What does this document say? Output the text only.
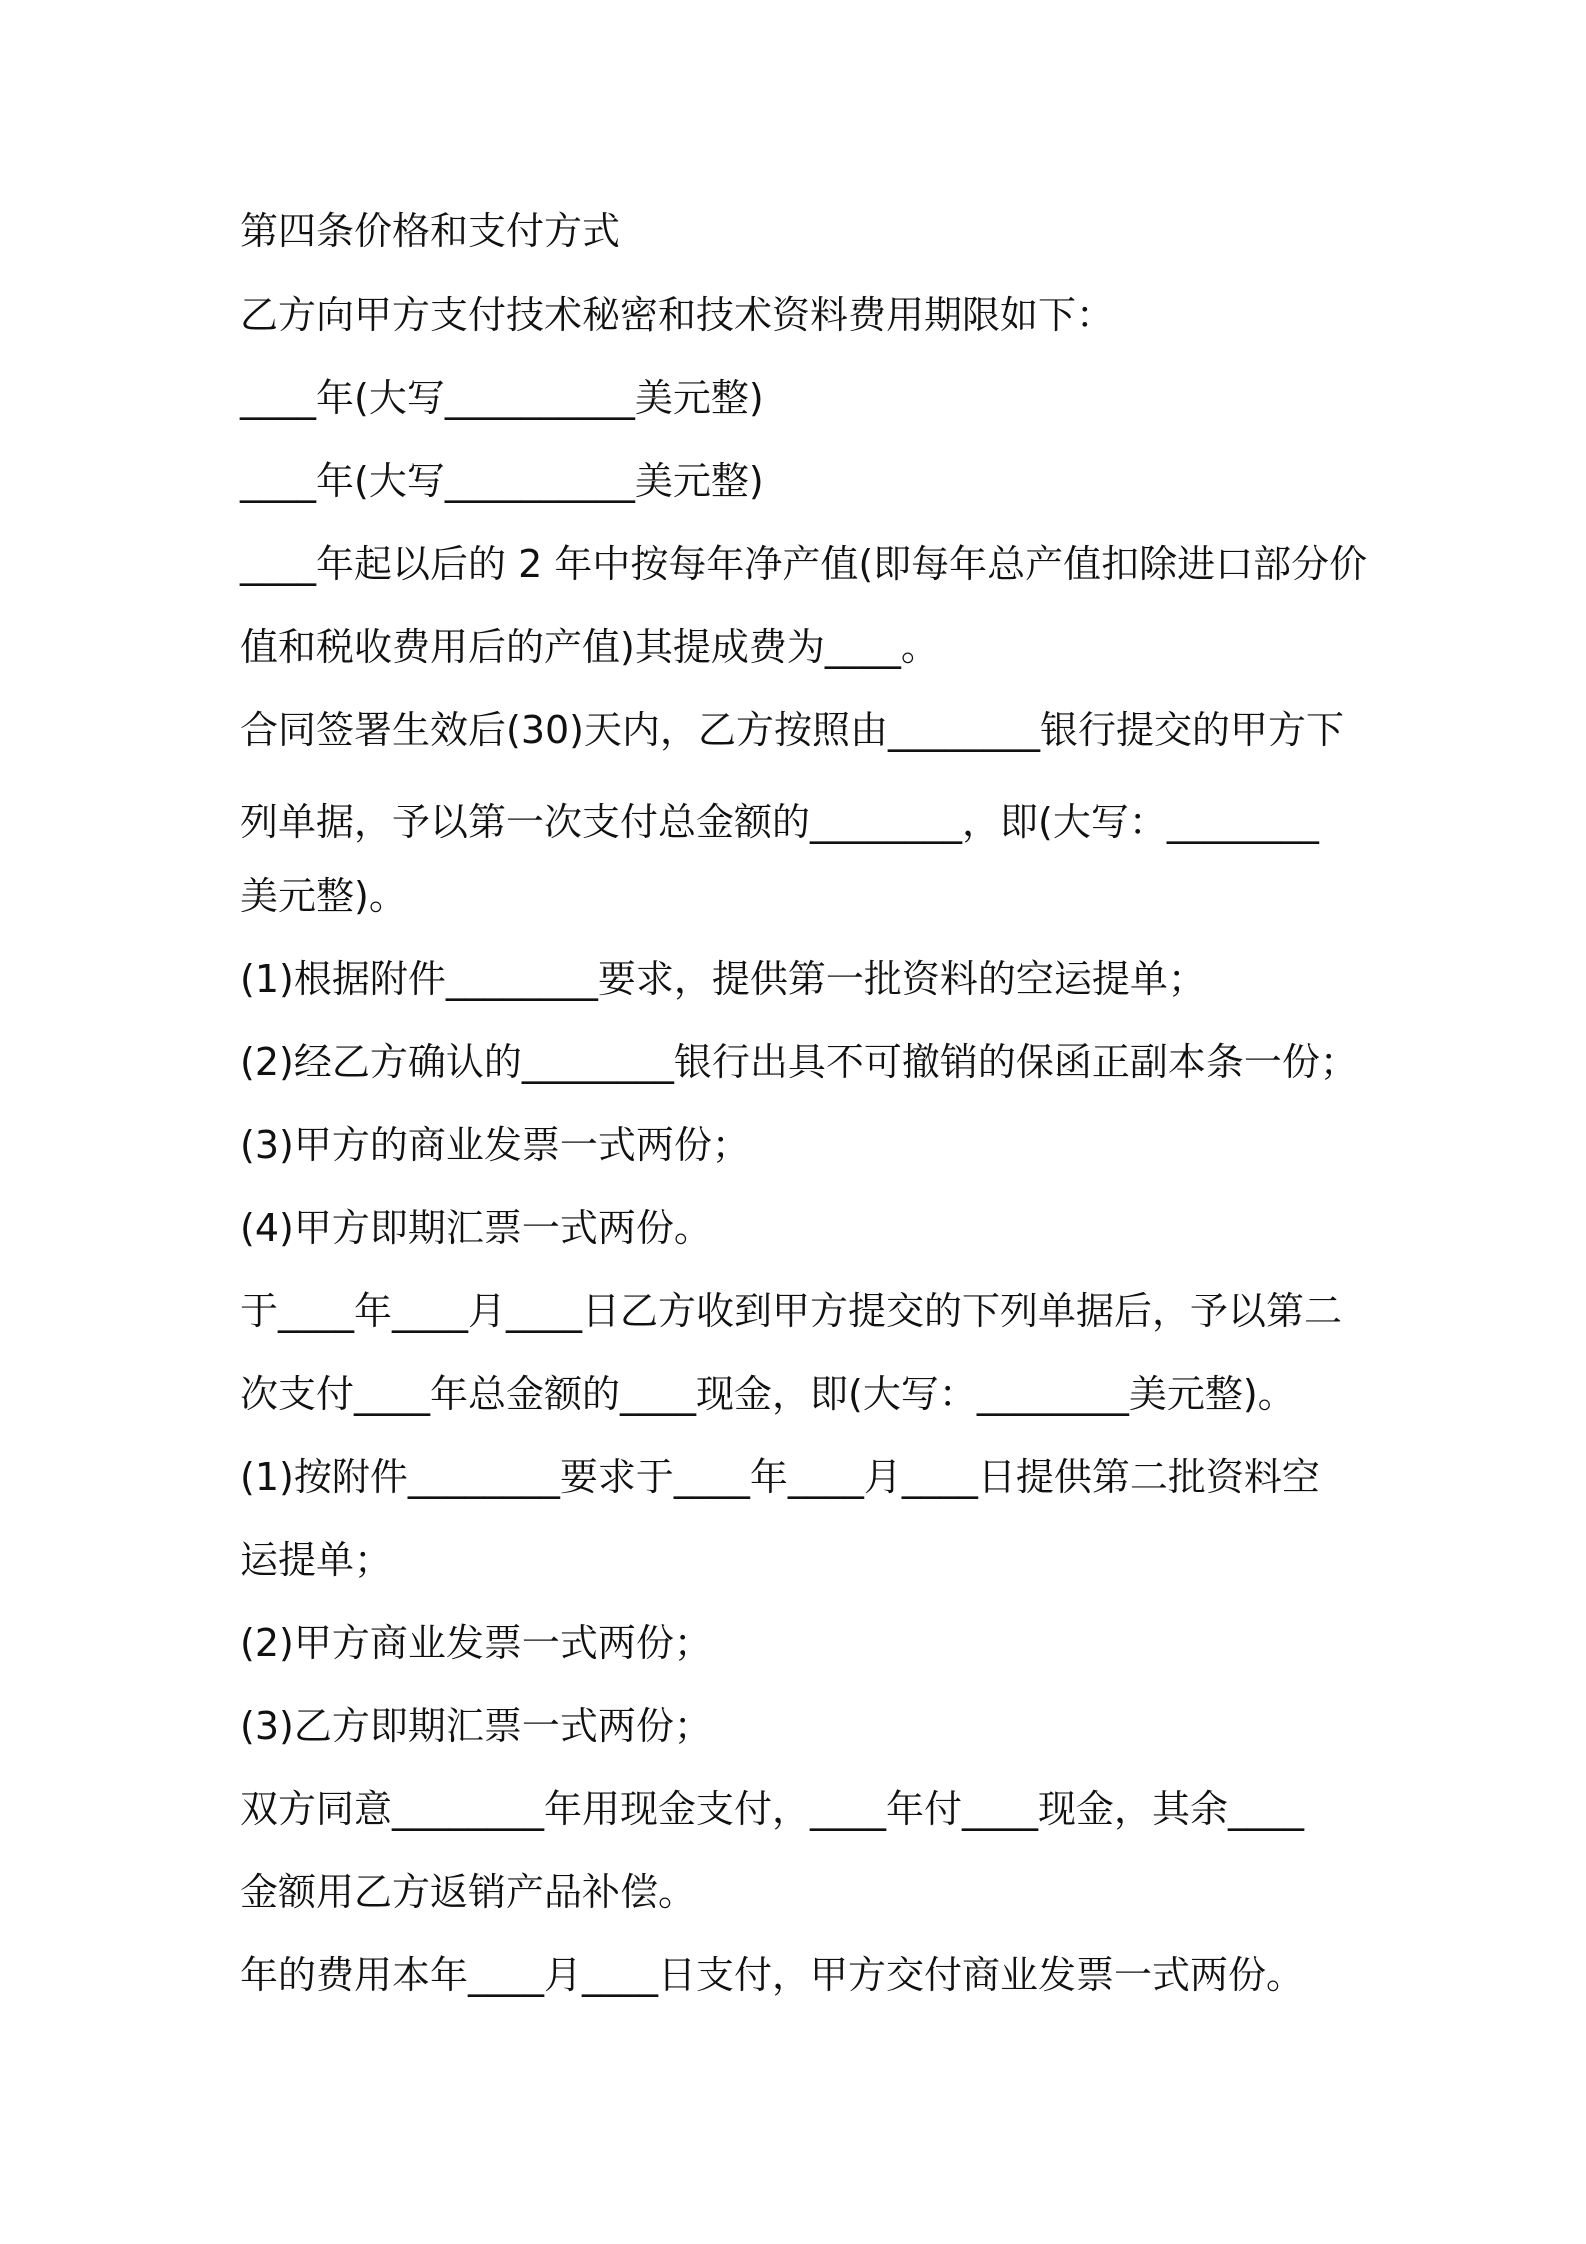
第四条价格和支付方式
乙方向甲方支付技术秘密和技术资料费用期限如下：
____年(大写__________美元整)
____年(大写__________美元整)
____年起以后的 2 年中按每年净产值(即每年总产值扣除进口部分价
值和税收费用后的产值)其提成费为____。
合同签署生效后(30)天内，乙方按照由________银行提交的甲方下
列单据，予以第一次支付总金额的________，即(大写：________
美元整)。
(1)根据附件________要求，提供第一批资料的空运提单；
(2)经乙方确认的________银行出具不可撤销的保函正副本条一份；
(3)甲方的商业发票一式两份；
(4)甲方即期汇票一式两份。
于____年____月____日乙方收到甲方提交的下列单据后，予以第二
次支付____年总金额的____现金，即(大写：________美元整)。
(1)按附件________要求于____年____月____日提供第二批资料空
运提单；
(2)甲方商业发票一式两份；
(3)乙方即期汇票一式两份；
双方同意________年用现金支付，____年付____现金，其余____
金额用乙方返销产品补偿。
年的费用本年____月____日支付，甲方交付商业发票一式两份。
